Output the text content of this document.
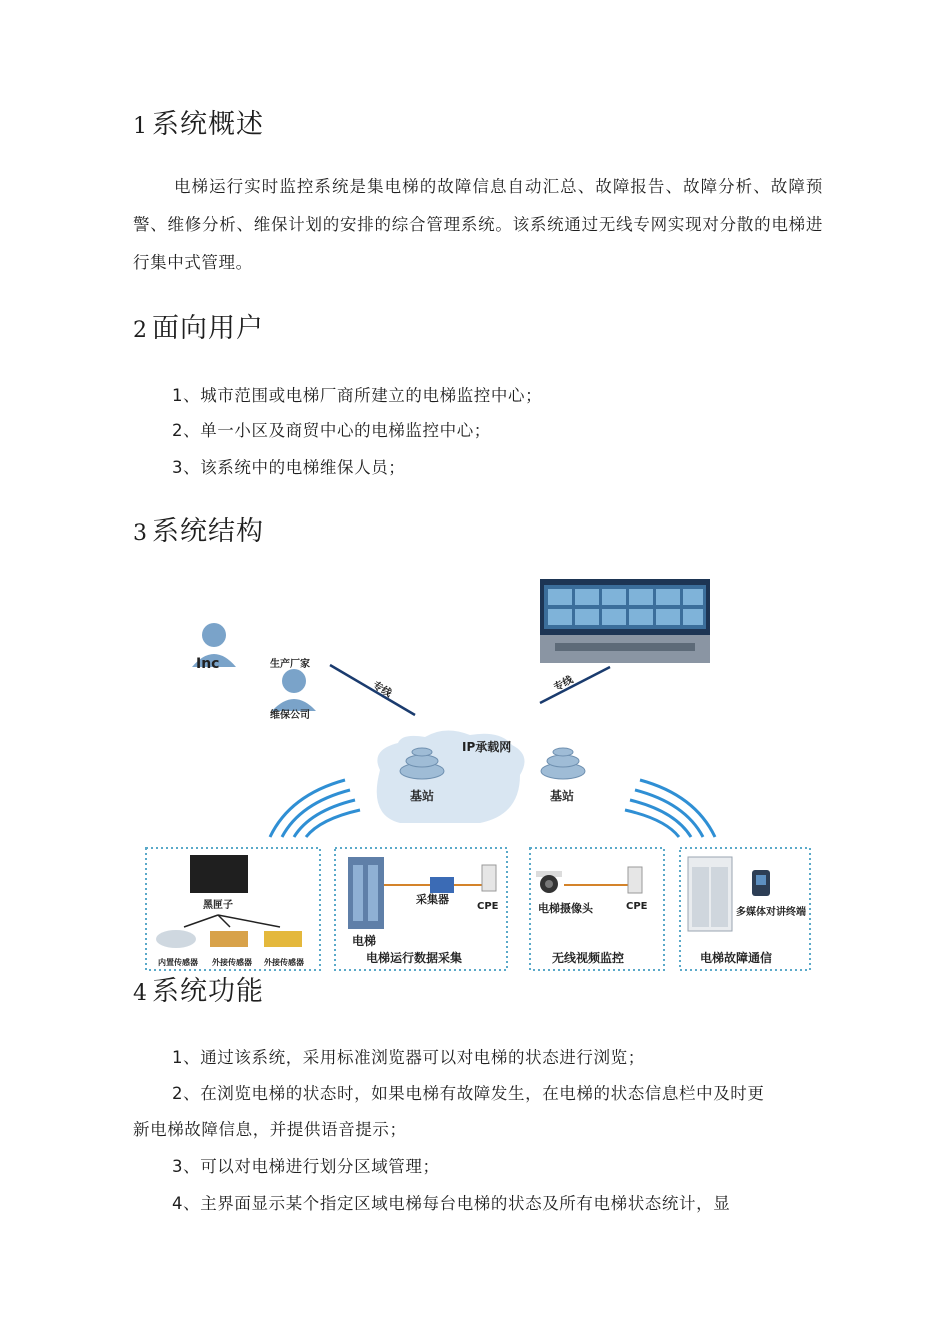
1 系统概述

电梯运行实时监控系统是集电梯的故障信息自动汇总、故障报告、故障分析、故障预警、维修分析、维保计划的安排的综合管理系统。该系统通过无线专网实现对分散的电梯进行集中式管理。

2 面向用户

1、城市范围或电梯厂商所建立的电梯监控中心；

2、单一小区及商贸中心的电梯监控中心；

3、该系统中的电梯维保人员；

3 系统结构
Inc	生产厂家
维保公司
专线	专线
IP承载网
基站	基站
黑匣子
内置传感器 外接传感器 外接传感器
采集器
CPE
电梯
电梯运行数据采集
电梯摄像头	CPE
无线视频监控
多媒体对讲终端
电梯故障通信
4 系统功能

1、通过该系统，采用标准浏览器可以对电梯的状态进行浏览；

2、在浏览电梯的状态时，如果电梯有故障发生，在电梯的状态信息栏中及时更新电梯故障信息，并提供语音提示；

3、可以对电梯进行划分区域管理；

4、主界面显示某个指定区域电梯每台电梯的状态及所有电梯状态统计，显
